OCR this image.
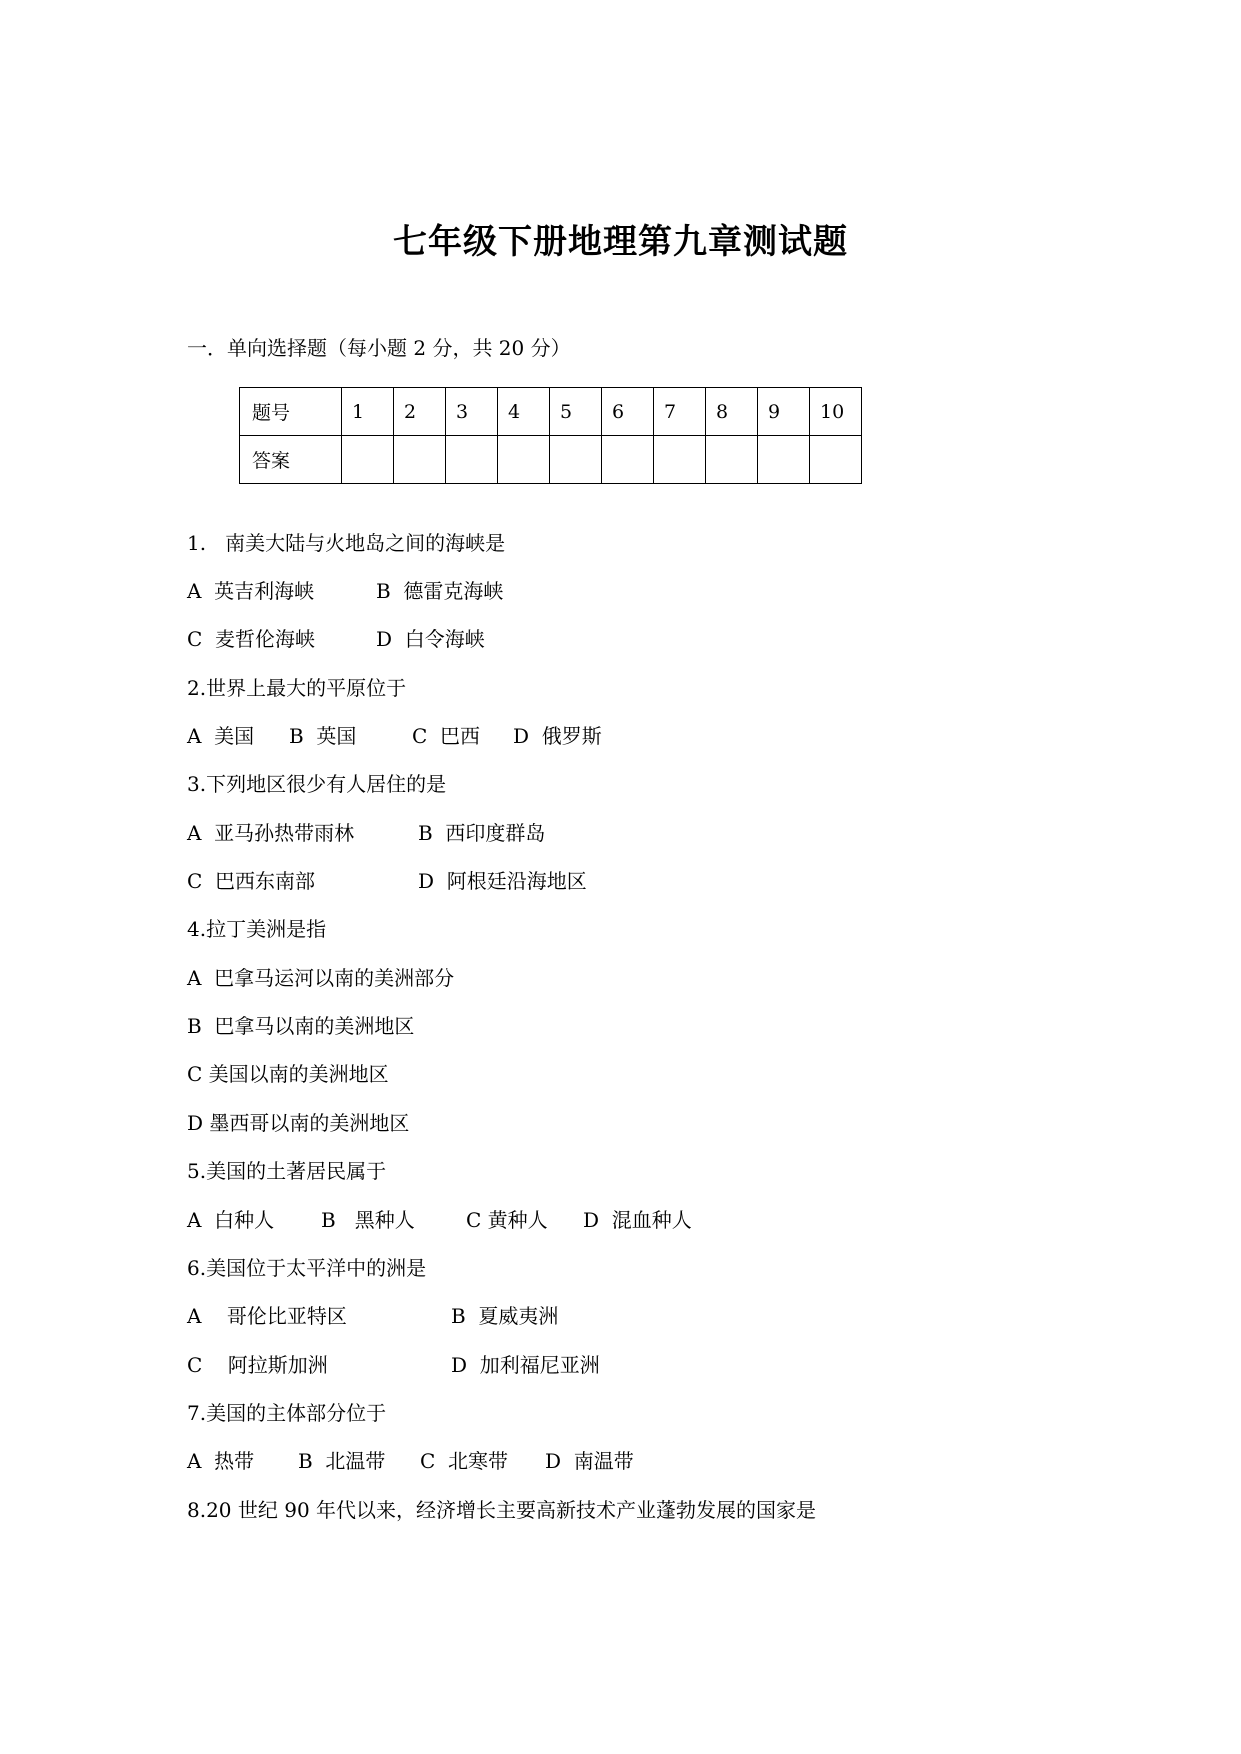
七年级下册地理第九章测试题
一．单向选择题（每小题 2 分，共 20 分）
题号	1	2	3	4	5	6	7	8	9	10
答案										
1.   南美大陆与火地岛之间的海峡是
A  英吉利海峡	B  德雷克海峡
C  麦哲伦海峡	D  白令海峡
2.世界上最大的平原位于
A  美国 B  英国	C  巴西 D  俄罗斯
3.下列地区很少有人居住的是
A  亚马孙热带雨林	B  西印度群岛
C  巴西东南部	D  阿根廷沿海地区
4.拉丁美洲是指
A  巴拿马运河以南的美洲部分
B  巴拿马以南的美洲地区
C 美国以南的美洲地区
D 墨西哥以南的美洲地区
5.美国的土著居民属于
A  白种人 B   黑种人	C 黄种人 D  混血种人
6.美国位于太平洋中的洲是
A    哥伦比亚特区	B  夏威夷洲
C    阿拉斯加洲	D  加利福尼亚洲
7.美国的主体部分位于
A  热带 B  北温带 C  北寒带 D  南温带
8.20 世纪 90 年代以来，经济增长主要高新技术产业蓬勃发展的国家是
